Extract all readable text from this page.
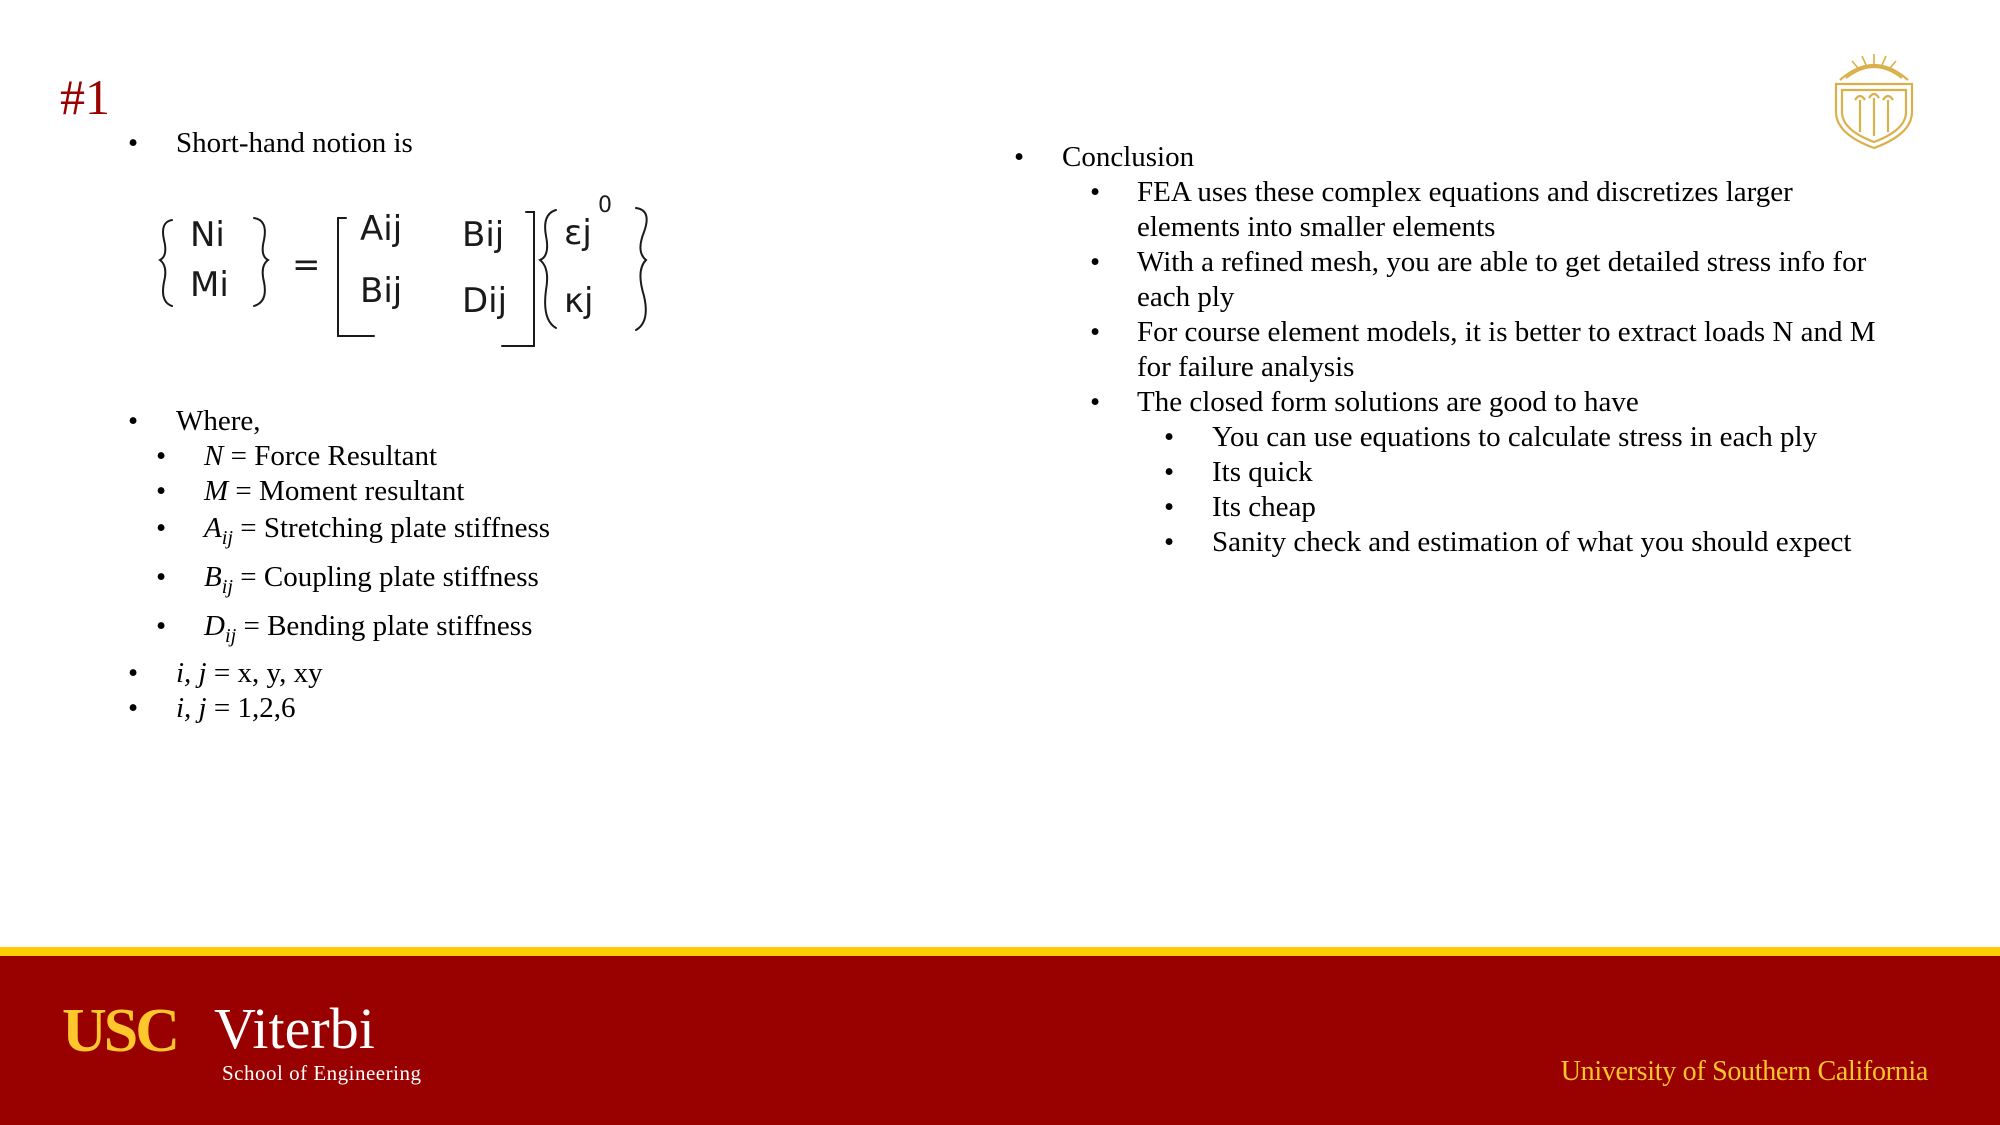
#1
• Short-hand notion is
Ni
Mi =
Aij Bij
Bij Dij
εj
0
κj
• Where,
• N = Force Resultant
• M = Moment resultant
• $A_{ij}$ = Stretching plate stiffness
• $B_{ij}$ = Coupling plate stiffness
• $D_{ij}$ = Bending plate stiffness
• i, j = x, y, xy
• i, j = 1,2,6
• Conclusion
• FEA uses these complex equations and discretizes larger elements into smaller elements
• With a refined mesh, you are able to get detailed stress info for each ply
• For course element models, it is better to extract loads N and M for failure analysis
• The closed form solutions are good to have
• You can use equations to calculate stress in each ply
• Its quick
• Its cheap
• Sanity check and estimation of what you should expect
USC Viterbi
School of Engineering	University of Southern California
